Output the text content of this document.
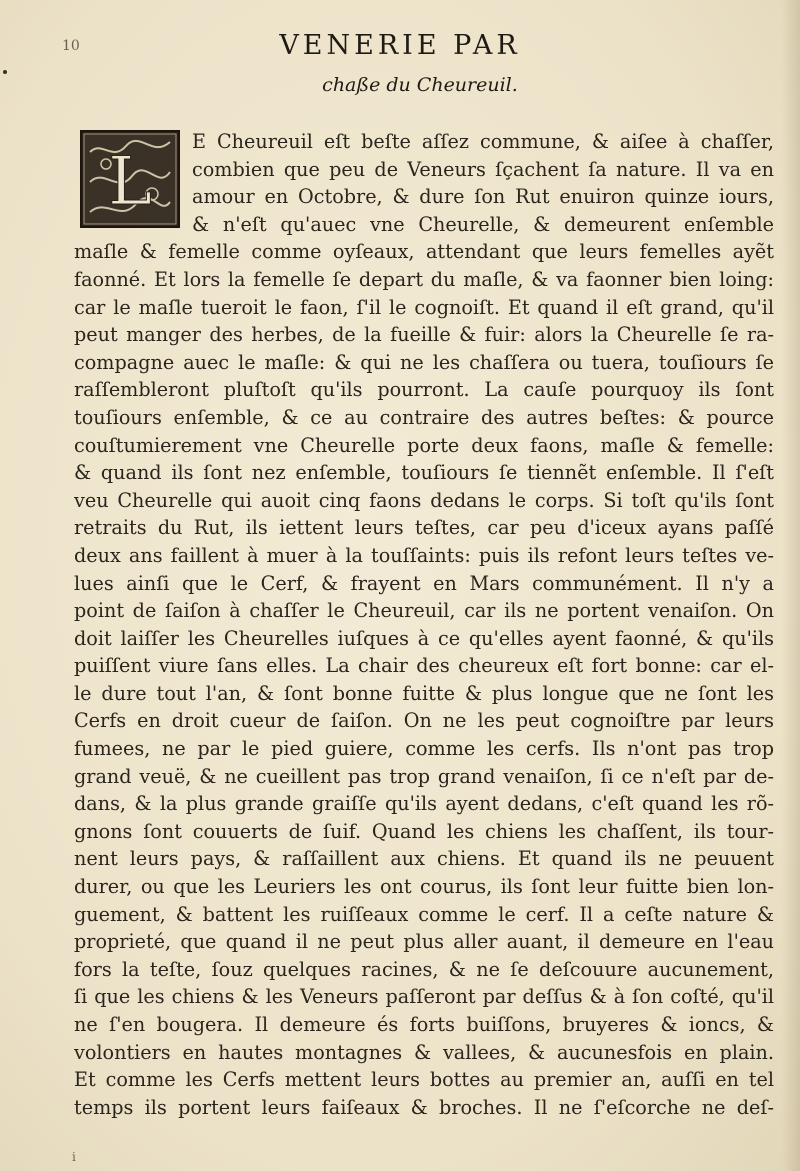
10	VENERIE PAR
chaße du Cheureuil.
L
E Cheureuil eſt beſte aſſez commune, & aiſee à chaſſer,
combien que peu de Veneurs ſçachent ſa nature. Il va en
amour en Octobre, & dure ſon Rut enuiron quinze iours,
& n'eſt qu'auec vne Cheurelle, & demeurent enſemble
maſle & femelle comme oyſeaux, attendant que leurs femelles ayẽt
faonné. Et lors la femelle ſe depart du maſle, & va faonner bien loing:
car le maſle tueroit le faon, ſ'il le cognoiſt. Et quand il eſt grand, qu'il
peut manger des herbes, de la fueille & fuir: alors la Cheurelle ſe ra-
compagne auec le maſle: & qui ne les chaſſera ou tuera, touſiours ſe
raſſembleront pluſtoſt qu'ils pourront. La cauſe pourquoy ils ſont
touſiours enſemble, & ce au contraire des autres beſtes: & pource
couſtumierement vne Cheurelle porte deux faons, maſle & femelle:
& quand ils ſont nez enſemble, touſiours ſe tiennẽt enſemble. Il ſ'eſt
veu Cheurelle qui auoit cinq faons dedans le corps. Si toſt qu'ils ſont
retraits du Rut, ils iettent leurs teſtes, car peu d'iceux ayans paſſé
deux ans faillent à muer à la touſſaints: puis ils refont leurs teſtes ve-
lues ainſi que le Cerf, & frayent en Mars communément. Il n'y a
point de ſaiſon à chaſſer le Cheureuil, car ils ne portent venaiſon. On
doit laiſſer les Cheurelles iuſques à ce qu'elles ayent faonné, & qu'ils
puiſſent viure ſans elles. La chair des cheureux eſt fort bonne: car el-
le dure tout l'an, & ſont bonne fuitte & plus longue que ne ſont les
Cerfs en droit cueur de ſaiſon. On ne les peut cognoiſtre par leurs
fumees, ne par le pied guiere, comme les cerfs. Ils n'ont pas trop
grand veuë, & ne cueillent pas trop grand venaiſon, ſi ce n'eſt par de-
dans, & la plus grande graiſſe qu'ils ayent dedans, c'eſt quand les rõ-
gnons ſont couuerts de ſuif. Quand les chiens les chaſſent, ils tour-
nent leurs pays, & raſſaillent aux chiens. Et quand ils ne peuuent
durer, ou que les Leuriers les ont courus, ils ſont leur fuitte bien lon-
guement, & battent les ruiſſeaux comme le cerf. Il a ceſte nature &
proprieté, que quand il ne peut plus aller auant, il demeure en l'eau
fors la teſte, ſouz quelques racines, & ne ſe deſcouure aucunement,
ſi que les chiens & les Veneurs paſſeront par deſſus & à ſon coſté, qu'il
ne ſ'en bougera. Il demeure és forts buiſſons, bruyeres & ioncs, &
volontiers en hautes montagnes & vallees, & aucunesfois en plain.
Et comme les Cerfs mettent leurs bottes au premier an, auſſi en tel
temps ils portent leurs faiſeaux & broches. Il ne ſ'eſcorche ne deſ-
i
